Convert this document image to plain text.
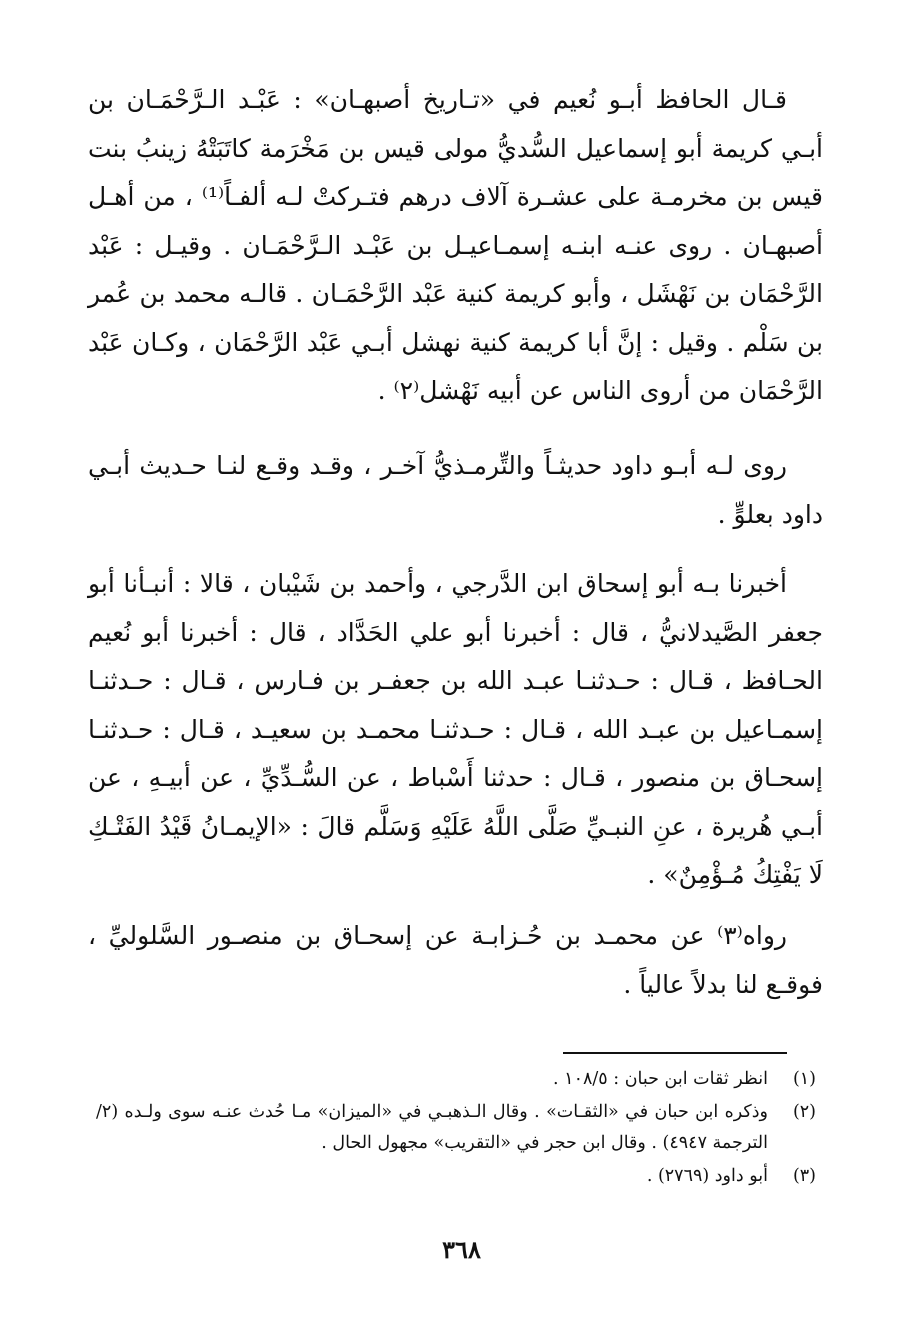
قـال الحافظ أبـو نُعيم في «تـاريخ أصبهـان» : عَبْـد الـرَّحْمَـان بن أبـي كريمة أبو إسماعيل السُّديُّ مولى قيس بن مَخْرَمة كاتَبَتْهُ زينبُ بنت قيس بن مخرمـة على عشـرة آلاف درهم فتـركتْ لـه ألفـاً⁽¹⁾ ، من أهـل أصبهـان . روى عنـه ابنـه إسمـاعيـل بن عَبْـد الـرَّحْمَـان . وقيـل : عَبْد الرَّحْمَان بن نَهْشَل ، وأبو كريمة كنية عَبْد الرَّحْمَـان . قالـه محمد بن عُمر بن سَلْم . وقيل : إنَّ أبا كريمة كنية نهشل أبـي عَبْد الرَّحْمَان ، وكـان عَبْد الرَّحْمَان من أروى الناس عن أبيه نَهْشل⁽٢⁾ .

روى لـه أبـو داود حديثـاً والتِّرمـذيُّ آخـر ، وقـد وقـع لنـا حـديث أبـي داود بعلوٍّ .

أخبرنا بـه أبو إسحاق ابن الدَّرجي ، وأحمد بن شَيْبان ، قالا : أنبـأنا أبو جعفر الصَّيدلانيُّ ، قال : أخبرنا أبو علي الحَدَّاد ، قال : أخبرنا أبو نُعيم الحـافظ ، قـال : حـدثنـا عبـد الله بن جعفـر بن فـارس ، قـال : حـدثنـا إسمـاعيل بن عبـد الله ، قـال : حـدثنـا محمـد بن سعيـد ، قـال : حـدثنـا إسحـاق بن منصور ، قـال : حدثنا أَسْباط ، عن السُّـدِّيِّ ، عن أبيـهِ ، عن أبـي هُريرة ، عنِ النبـيِّ صَلَّى اللَّهُ عَلَيْهِ وَسَلَّم قالَ : «الإيمـانُ قَيْدُ الفَتْـكِ لَا يَفْتِكُ مُـؤْمِنٌ» .

رواه⁽٣⁾ عن محمـد بن حُـزابـة عن إسحـاق بن منصـور السَّلوليِّ ، فوقـع لنا بدلاً عالياً .

(١)
انظر ثقات ابن حبان : ١٠٨/٥ .
(٢)
وذكره ابن حبان في «الثقـات» . وقال الـذهبـي في «الميزان» مـا حُدث عنـه سوى ولـده (٢/الترجمة ٤٩٤٧) . وقال ابن حجر في «التقريب» مجهول الحال .
(٣)
أبو داود (٢٧٦٩) .
٣٦٨
